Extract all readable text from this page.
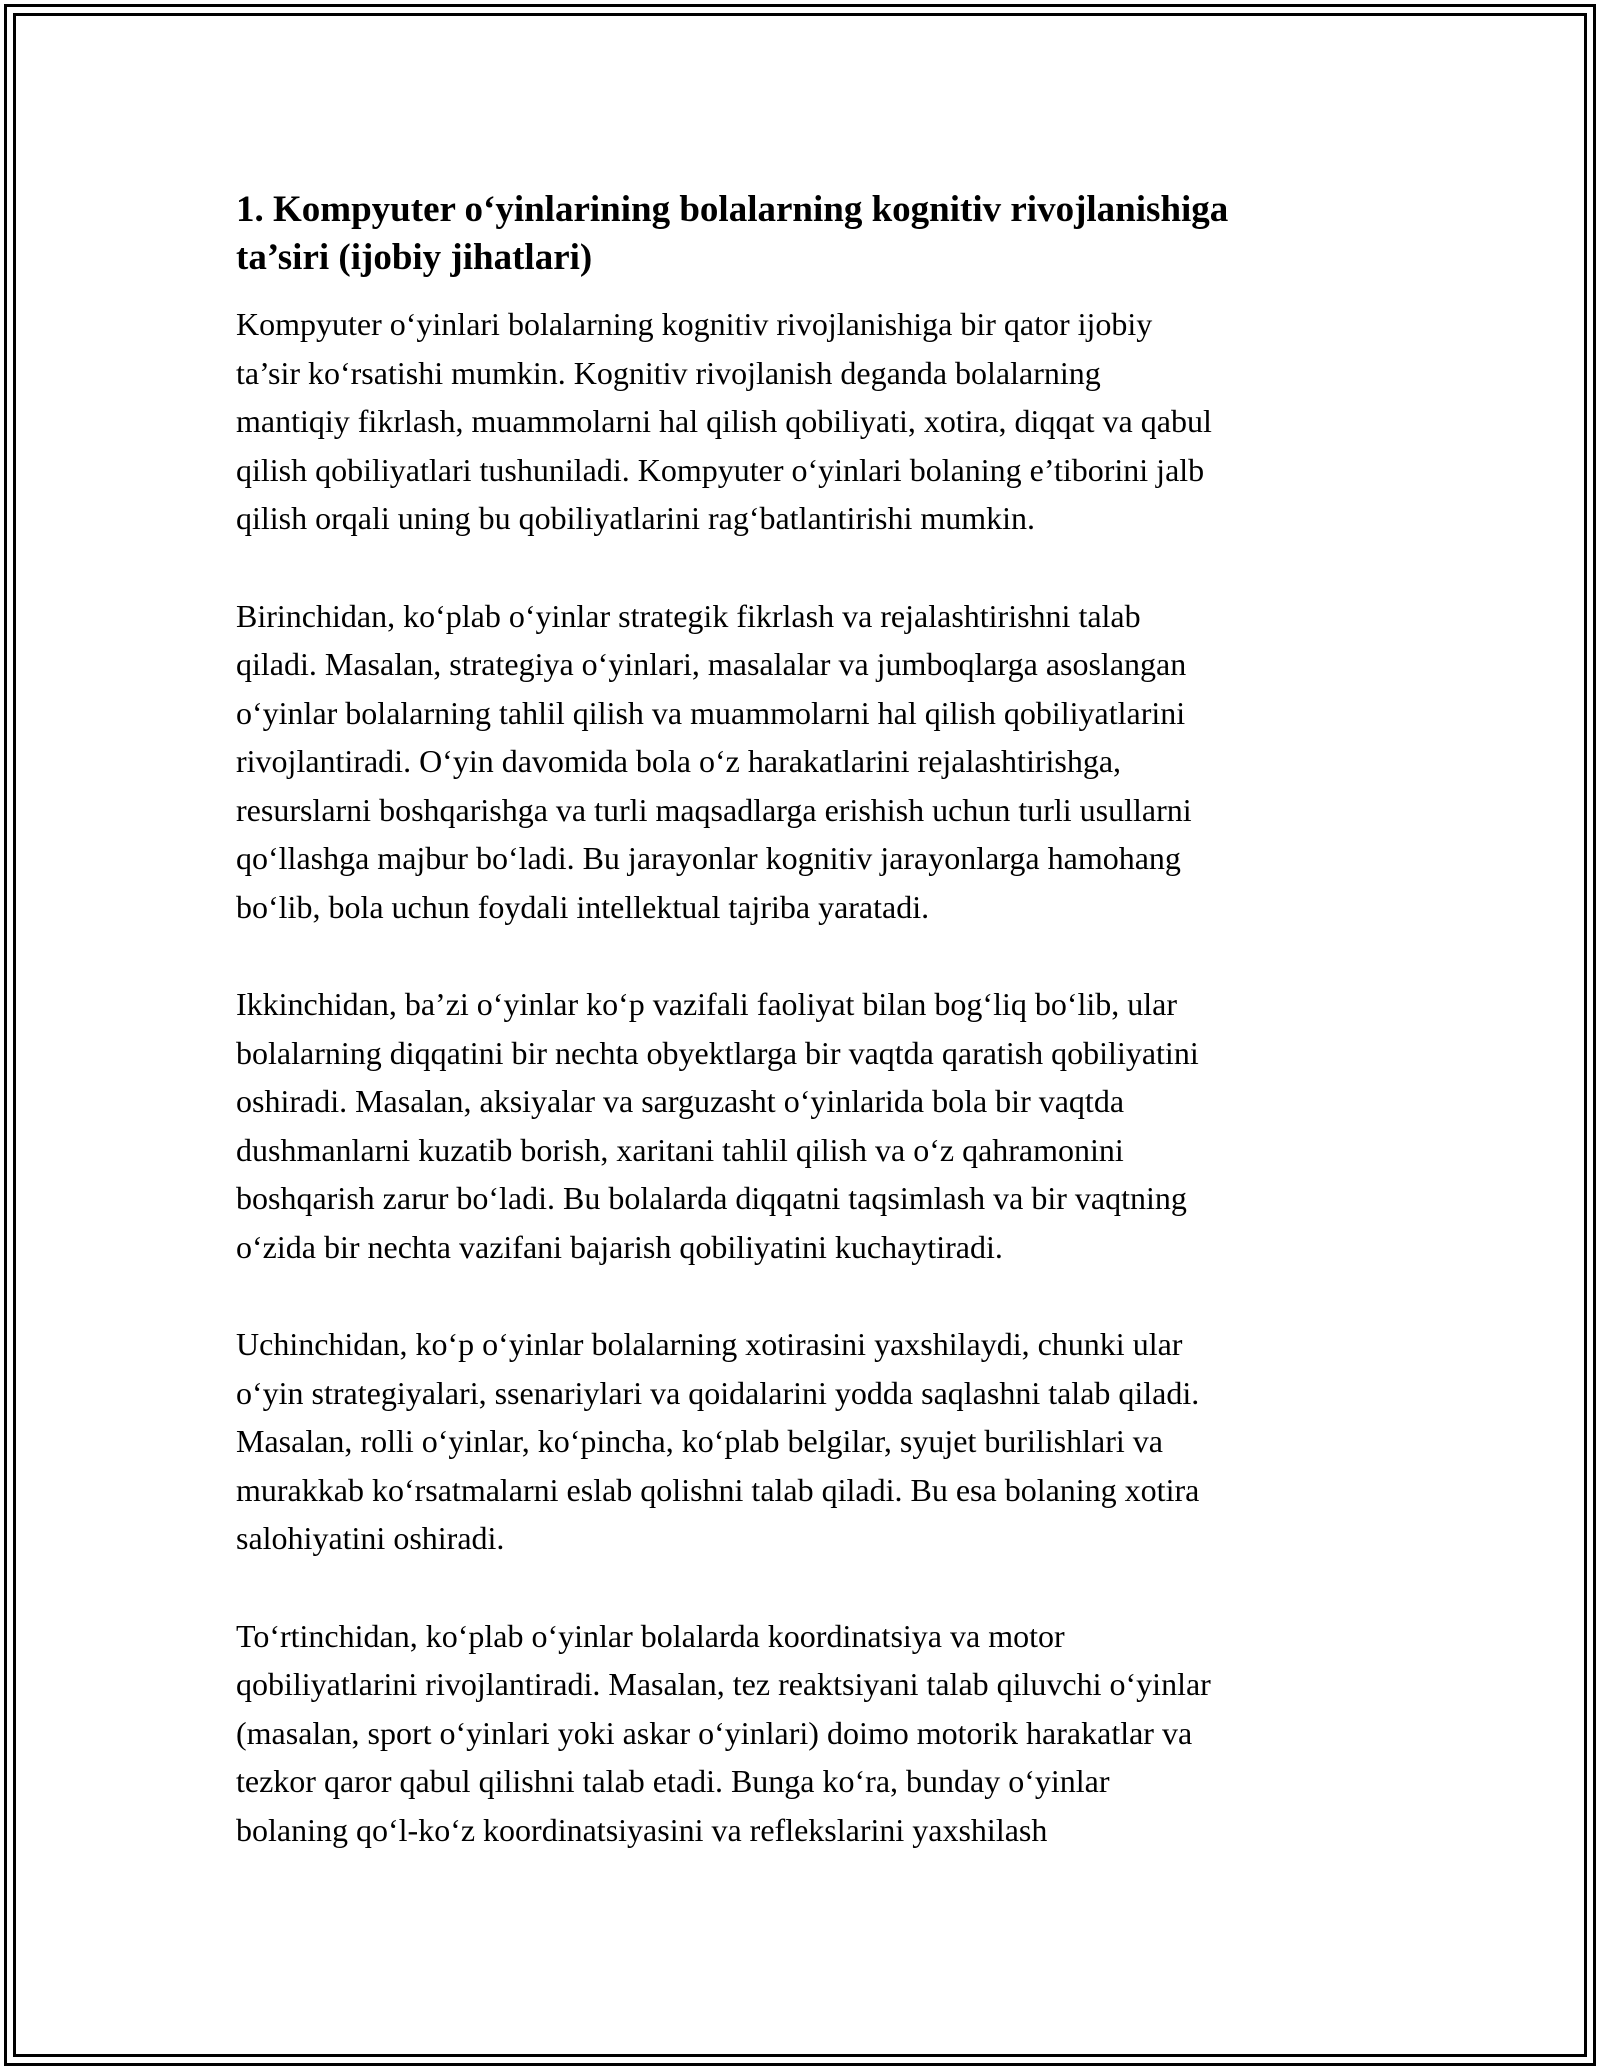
1. Kompyuter o‘yinlarining bolalarning kognitiv rivojlanishiga
ta’siri (ijobiy jihatlari)

Kompyuter o‘yinlari bolalarning kognitiv rivojlanishiga bir qator ijobiy
ta’sir ko‘rsatishi mumkin. Kognitiv rivojlanish deganda bolalarning
mantiqiy fikrlash, muammolarni hal qilish qobiliyati, xotira, diqqat va qabul
qilish qobiliyatlari tushuniladi. Kompyuter o‘yinlari bolaning e’tiborini jalb
qilish orqali uning bu qobiliyatlarini rag‘batlantirishi mumkin.

Birinchidan, ko‘plab o‘yinlar strategik fikrlash va rejalashtirishni talab
qiladi. Masalan, strategiya o‘yinlari, masalalar va jumboqlarga asoslangan
o‘yinlar bolalarning tahlil qilish va muammolarni hal qilish qobiliyatlarini
rivojlantiradi. O‘yin davomida bola o‘z harakatlarini rejalashtirishga,
resurslarni boshqarishga va turli maqsadlarga erishish uchun turli usullarni
qo‘llashga majbur bo‘ladi. Bu jarayonlar kognitiv jarayonlarga hamohang
bo‘lib, bola uchun foydali intellektual tajriba yaratadi.

Ikkinchidan, ba’zi o‘yinlar ko‘p vazifali faoliyat bilan bog‘liq bo‘lib, ular
bolalarning diqqatini bir nechta obyektlarga bir vaqtda qaratish qobiliyatini
oshiradi. Masalan, aksiyalar va sarguzasht o‘yinlarida bola bir vaqtda
dushmanlarni kuzatib borish, xaritani tahlil qilish va o‘z qahramonini
boshqarish zarur bo‘ladi. Bu bolalarda diqqatni taqsimlash va bir vaqtning
o‘zida bir nechta vazifani bajarish qobiliyatini kuchaytiradi.

Uchinchidan, ko‘p o‘yinlar bolalarning xotirasini yaxshilaydi, chunki ular
o‘yin strategiyalari, ssenariylari va qoidalarini yodda saqlashni talab qiladi.
Masalan, rolli o‘yinlar, ko‘pincha, ko‘plab belgilar, syujet burilishlari va
murakkab ko‘rsatmalarni eslab qolishni talab qiladi. Bu esa bolaning xotira
salohiyatini oshiradi.

To‘rtinchidan, ko‘plab o‘yinlar bolalarda koordinatsiya va motor
qobiliyatlarini rivojlantiradi. Masalan, tez reaktsiyani talab qiluvchi o‘yinlar
(masalan, sport o‘yinlari yoki askar o‘yinlari) doimo motorik harakatlar va
tezkor qaror qabul qilishni talab etadi. Bunga ko‘ra, bunday o‘yinlar
bolaning qo‘l-ko‘z koordinatsiyasini va reflekslarini yaxshilash
